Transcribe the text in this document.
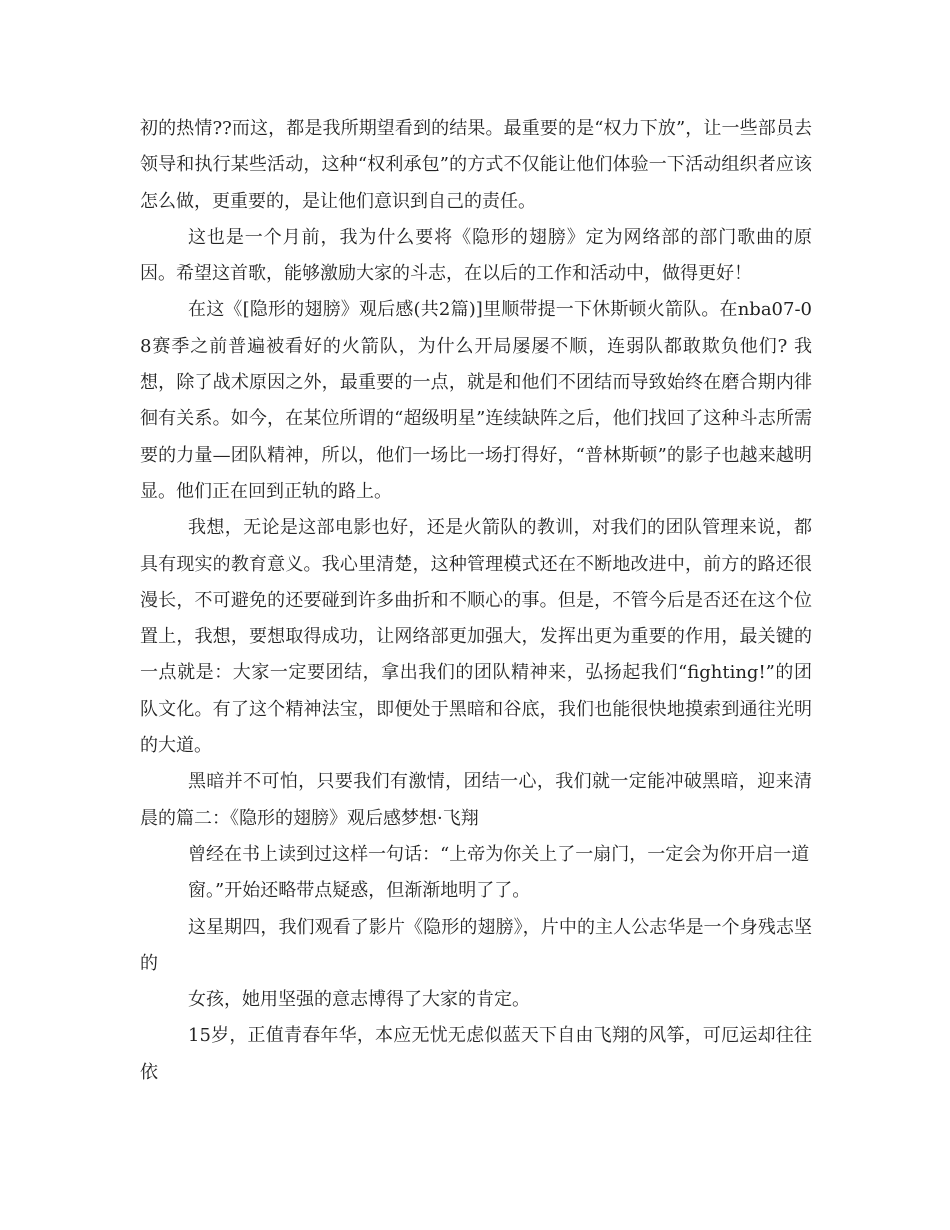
初的热情??而这，都是我所期望看到的结果。最重要的是“权力下放”，让一些部员去领导和执行某些活动，这种“权利承包”的方式不仅能让他们体验一下活动组织者应该怎么做，更重要的，是让他们意识到自己的责任。

这也是一个月前，我为什么要将《隐形的翅膀》定为网络部的部门歌曲的原因。希望这首歌，能够激励大家的斗志，在以后的工作和活动中，做得更好！

在这《[隐形的翅膀》观后感(共2篇)]里顺带提一下休斯顿火箭队。在nba07-08赛季之前普遍被看好的火箭队，为什么开局屡屡不顺，连弱队都敢欺负他们? 我想，除了战术原因之外，最重要的一点，就是和他们不团结而导致始终在磨合期内徘徊有关系。如今，在某位所谓的“超级明星”连续缺阵之后，他们找回了这种斗志所需要的力量—团队精神，所以，他们一场比一场打得好，“普林斯顿”的影子也越来越明显。他们正在回到正轨的路上。

我想，无论是这部电影也好，还是火箭队的教训，对我们的团队管理来说，都具有现实的教育意义。我心里清楚，这种管理模式还在不断地改进中，前方的路还很漫长，不可避免的还要碰到许多曲折和不顺心的事。但是，不管今后是否还在这个位置上，我想，要想取得成功，让网络部更加强大，发挥出更为重要的作用，最关键的一点就是：大家一定要团结，拿出我们的团队精神来，弘扬起我们“fighting!”的团队文化。有了这个精神法宝，即便处于黑暗和谷底，我们也能很快地摸索到通往光明的大道。

黑暗并不可怕，只要我们有激情，团结一心，我们就一定能冲破黑暗，迎来清晨的篇二：《隐形的翅膀》观后感梦想·飞翔

曾经在书上读到过这样一句话：“上帝为你关上了一扇门，一定会为你开启一道

窗。”开始还略带点疑惑，但渐渐地明了了。

这星期四，我们观看了影片《隐形的翅膀》，片中的主人公志华是一个身残志坚的

女孩，她用坚强的意志博得了大家的肯定。

15岁，正值青春年华，本应无忧无虑似蓝天下自由飞翔的风筝，可厄运却往往依
